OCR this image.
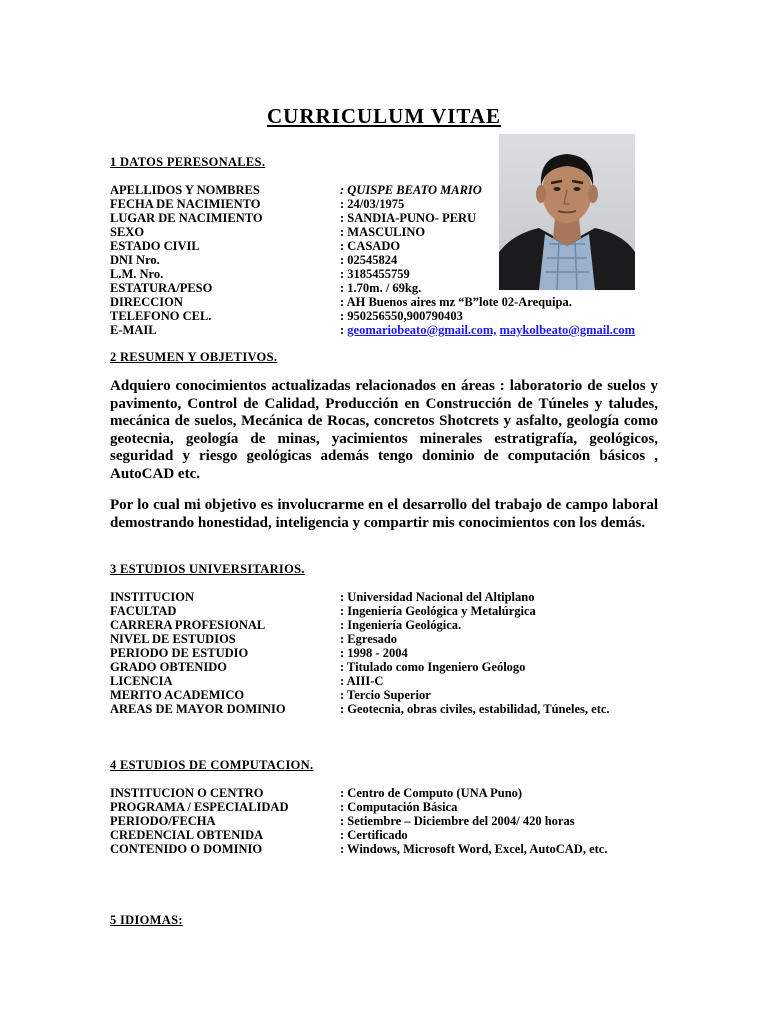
CURRICULUM VITAE
1 DATOS PERESONALES.
APELLIDOS Y NOMBRES	: QUISPE BEATO MARIO
FECHA DE NACIMIENTO	: 24/03/1975
LUGAR DE NACIMIENTO	: SANDIA-PUNO- PERU
SEXO	: MASCULINO
ESTADO CIVIL	: CASADO
DNI Nro.	: 02545824
L.M. Nro.	: 3185455759
ESTATURA/PESO	: 1.70m. / 69kg.
DIRECCION	: AH Buenos aires mz “B”lote 02-Arequipa.
TELEFONO CEL.	: 950256550,900790403
E-MAIL	: geomariobeato@gmail.com, maykolbeato@gmail.com
2 RESUMEN Y OBJETIVOS.
Adquiero conocimientos actualizadas relacionados en áreas : laboratorio de suelos y pavimento, Control de Calidad, Producción en Construcción de Túneles y taludes, mecánica de suelos, Mecánica de Rocas, concretos Shotcrets y asfalto, geología como geotecnia, geología de minas, yacimientos minerales estratigrafía, geológicos, seguridad y riesgo geológicas además tengo dominio de computación básicos , AutoCAD etc.
Por lo cual mi objetivo es involucrarme en el desarrollo del trabajo de campo laboral demostrando honestidad, inteligencia y compartir mis conocimientos con los demás.
3 ESTUDIOS UNIVERSITARIOS.
INSTITUCION	: Universidad Nacional del Altiplano
FACULTAD	: Ingeniería Geológica y Metalúrgica
CARRERA PROFESIONAL	: Ingeniería Geológica.
NIVEL DE ESTUDIOS	: Egresado
PERIODO DE ESTUDIO	: 1998 - 2004
GRADO OBTENIDO	: Titulado como Ingeniero Geólogo
LICENCIA	: AIII-C
MERITO ACADEMICO	: Tercio Superior
AREAS DE MAYOR DOMINIO	: Geotecnia, obras civiles, estabilidad, Túneles, etc.
4 ESTUDIOS DE COMPUTACION.
INSTITUCION O CENTRO	: Centro de Computo (UNA Puno)
PROGRAMA / ESPECIALIDAD	: Computación Básica
PERIODO/FECHA	: Setiembre – Diciembre del 2004/ 420 horas
CREDENCIAL OBTENIDA	: Certificado
CONTENIDO O DOMINIO	: Windows, Microsoft Word, Excel, AutoCAD, etc.
5 IDIOMAS:
